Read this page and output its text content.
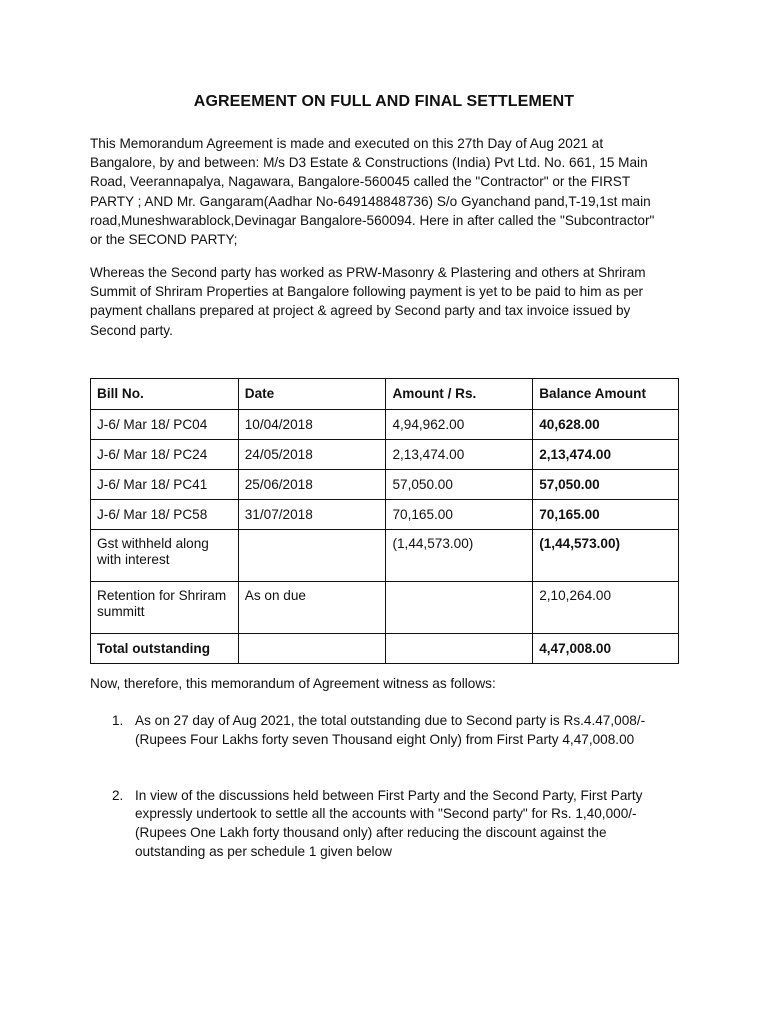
AGREEMENT ON FULL AND FINAL SETTLEMENT

This Memorandum Agreement is made and executed on this 27th Day of Aug 2021 at
Bangalore, by and between: M/s D3 Estate & Constructions (India) Pvt Ltd. No. 661, 15 Main
Road, Veerannapalya, Nagawara, Bangalore-560045 called the "Contractor" or the FIRST
PARTY ; AND Mr. Gangaram(Aadhar No-649148848736) S/o Gyanchand pand,T-19,1st main
road,Muneshwarablock,Devinagar Bangalore-560094. Here in after called the "Subcontractor"
or the SECOND PARTY;

Whereas the Second party has worked as PRW-Masonry & Plastering and others at Shriram
Summit of Shriram Properties at Bangalore following payment is yet to be paid to him as per
payment challans prepared at project & agreed by Second party and tax invoice issued by
Second party.

Bill No.	Date	Amount / Rs.	Balance Amount
J-6/ Mar 18/ PC04	10/04/2018	4,94,962.00	40,628.00
J-6/ Mar 18/ PC24	24/05/2018	2,13,474.00	2,13,474.00
J-6/ Mar 18/ PC41	25/06/2018	57,050.00	57,050.00
J-6/ Mar 18/ PC58	31/07/2018	70,165.00	70,165.00
Gst withheld along with interest		(1,44,573.00)	(1,44,573.00)
Retention for Shriram summitt	As on due		2,10,264.00
Total outstanding			4,47,008.00

Now, therefore, this memorandum of Agreement witness as follows:

1. As on 27 day of Aug 2021, the total outstanding due to Second party is Rs.4.47,008/-
(Rupees Four Lakhs forty seven Thousand eight Only) from First Party 4,47,008.00
2. In view of the discussions held between First Party and the Second Party, First Party
expressly undertook to settle all the accounts with "Second party" for Rs. 1,40,000/-
(Rupees One Lakh forty thousand only) after reducing the discount against the
outstanding as per schedule 1 given below
